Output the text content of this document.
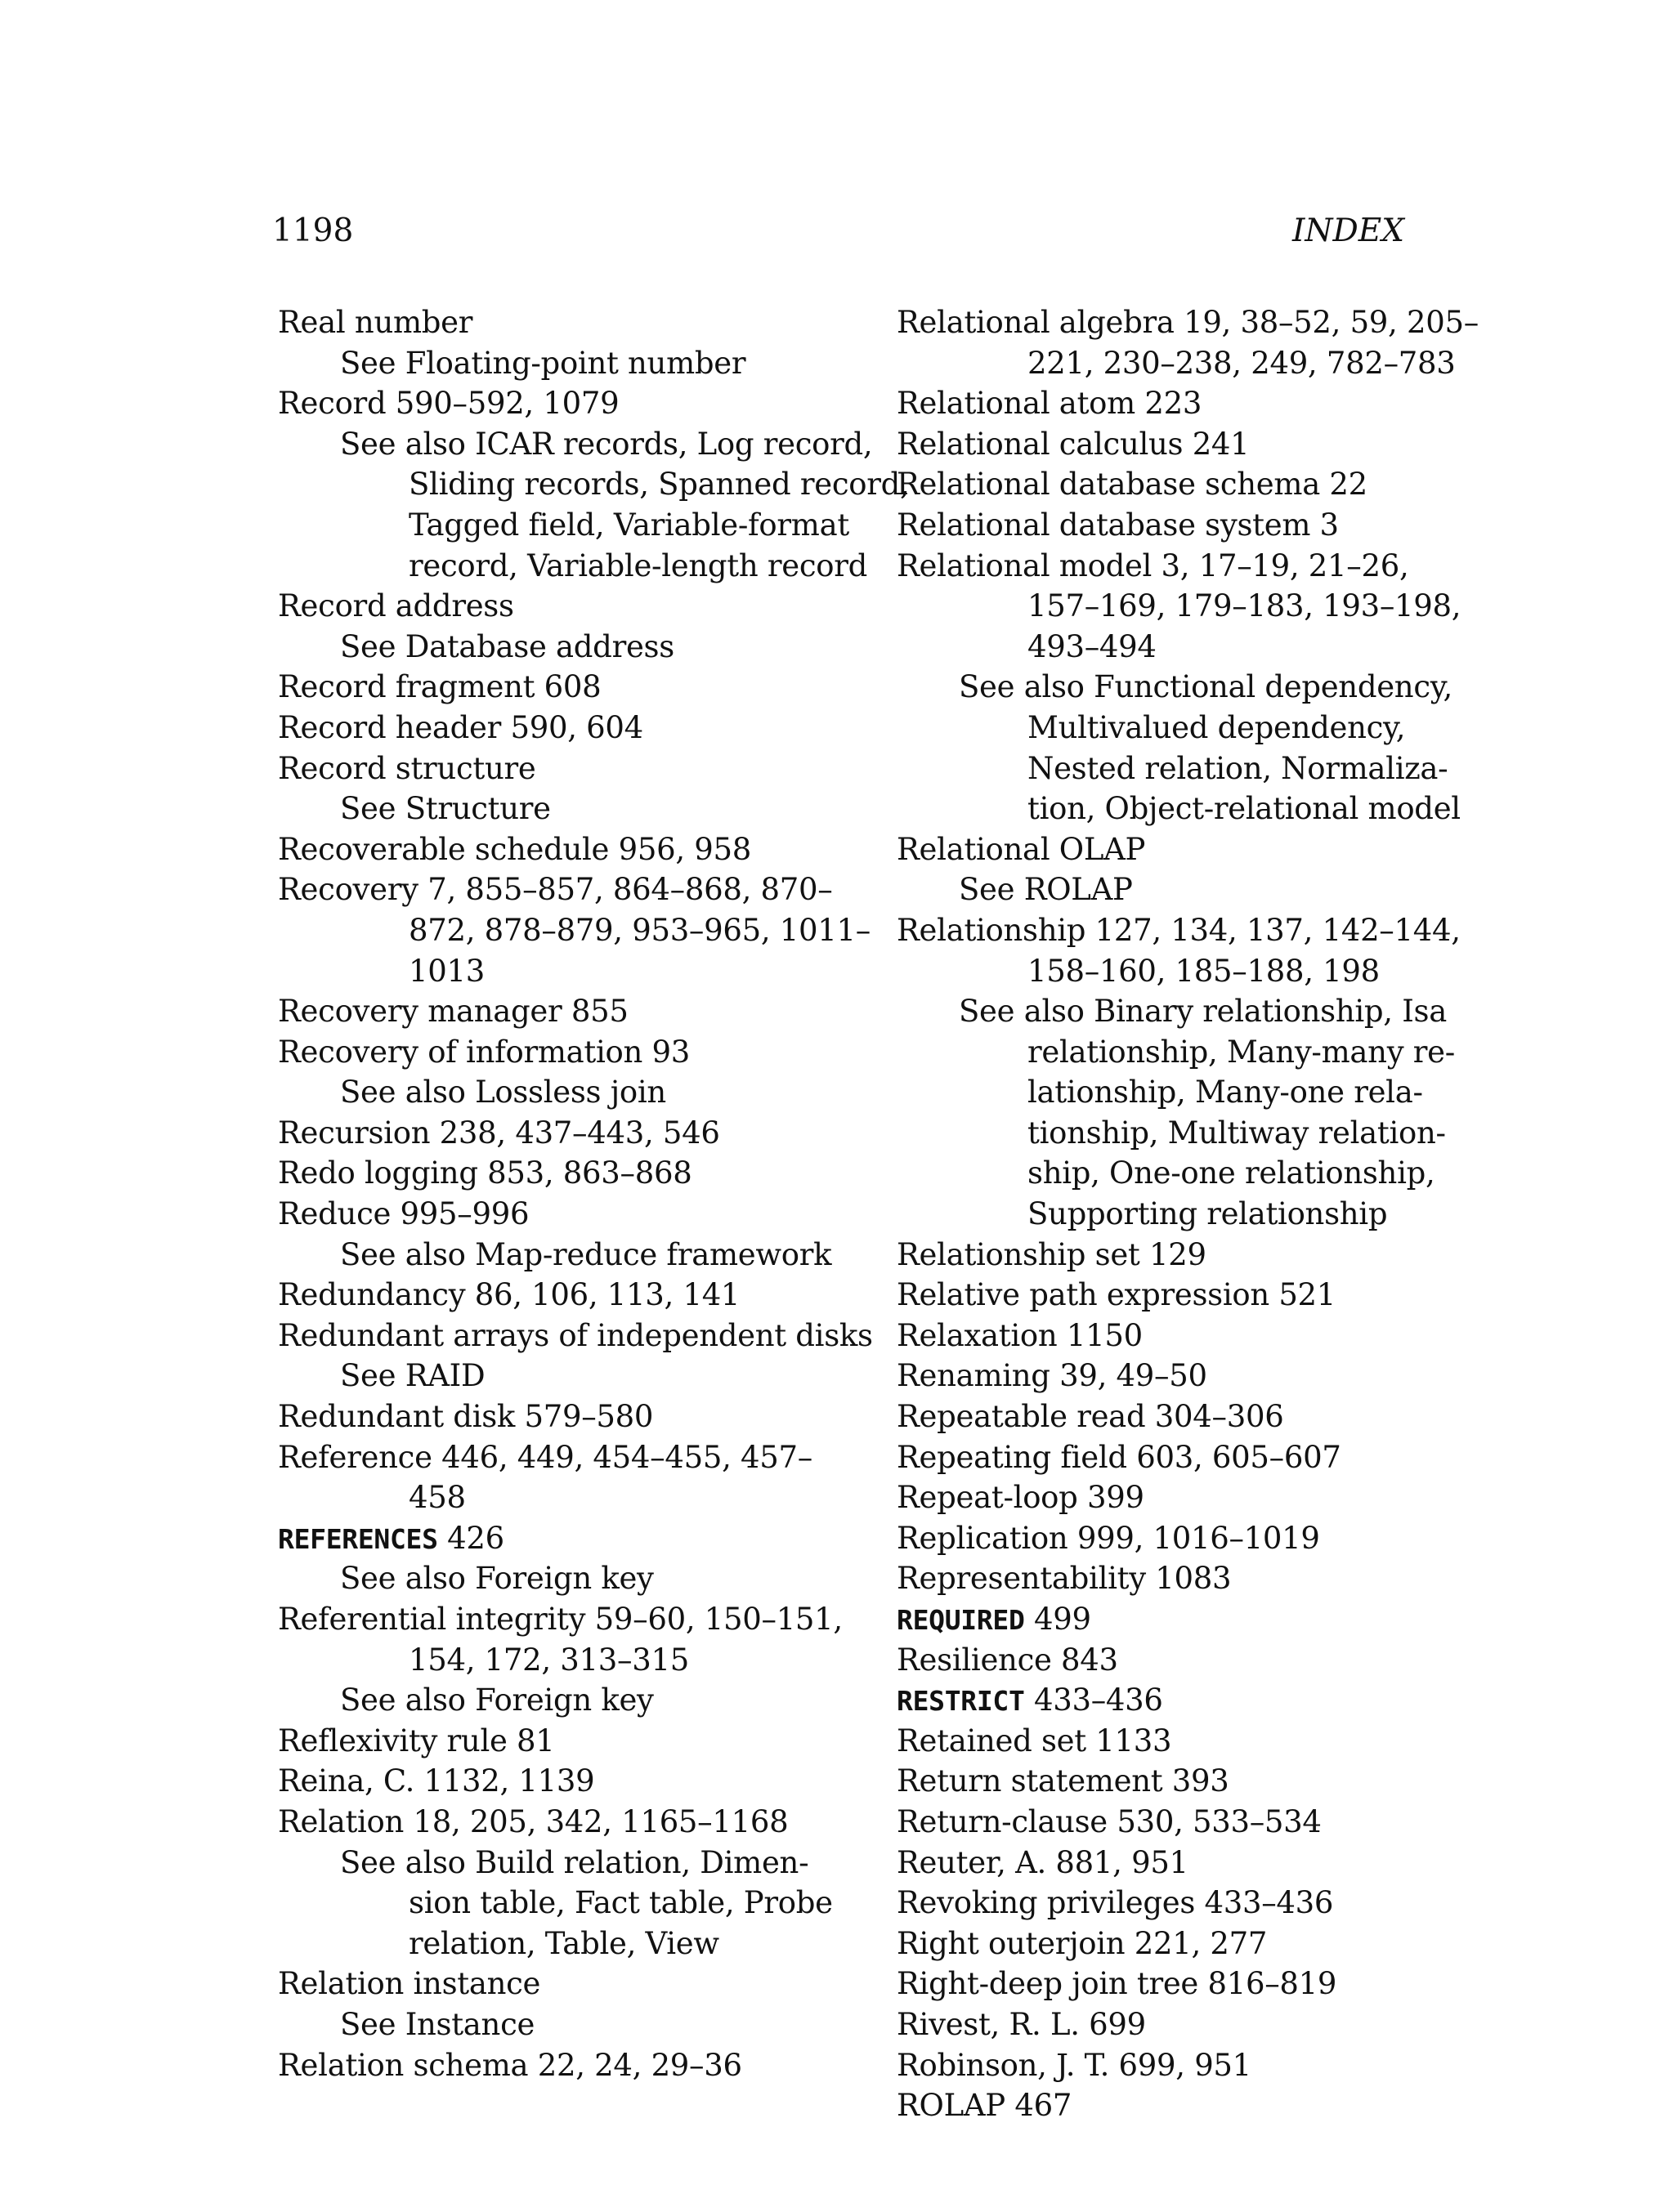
1198	INDEX
Real number
See Floating-point number
Record 590–592, 1079
See also ICAR records, Log record,
Sliding records, Spanned record,
Tagged field, Variable-format
record, Variable-length record
Record address
See Database address
Record fragment 608
Record header 590, 604
Record structure
See Structure
Recoverable schedule 956, 958
Recovery 7, 855–857, 864–868, 870–
872, 878–879, 953–965, 1011–
1013
Recovery manager 855
Recovery of information 93
See also Lossless join
Recursion 238, 437–443, 546
Redo logging 853, 863–868
Reduce 995–996
See also Map-reduce framework
Redundancy 86, 106, 113, 141
Redundant arrays of independent disks
See RAID
Redundant disk 579–580
Reference 446, 449, 454–455, 457–
458
REFERENCES 426
See also Foreign key
Referential integrity 59–60, 150–151,
154, 172, 313–315
See also Foreign key
Reflexivity rule 81
Reina, C. 1132, 1139
Relation 18, 205, 342, 1165–1168
See also Build relation, Dimen-
sion table, Fact table, Probe
relation, Table, View
Relation instance
See Instance
Relation schema 22, 24, 29–36
Relational algebra 19, 38–52, 59, 205–
221, 230–238, 249, 782–783
Relational atom 223
Relational calculus 241
Relational database schema 22
Relational database system 3
Relational model 3, 17–19, 21–26,
157–169, 179–183, 193–198,
493–494
See also Functional dependency,
Multivalued dependency,
Nested relation, Normaliza-
tion, Object-relational model
Relational OLAP
See ROLAP
Relationship 127, 134, 137, 142–144,
158–160, 185–188, 198
See also Binary relationship, Isa
relationship, Many-many re-
lationship, Many-one rela-
tionship, Multiway relation-
ship, One-one relationship,
Supporting relationship
Relationship set 129
Relative path expression 521
Relaxation 1150
Renaming 39, 49–50
Repeatable read 304–306
Repeating field 603, 605–607
Repeat-loop 399
Replication 999, 1016–1019
Representability 1083
REQUIRED 499
Resilience 843
RESTRICT 433–436
Retained set 1133
Return statement 393
Return-clause 530, 533–534
Reuter, A. 881, 951
Revoking privileges 433–436
Right outerjoin 221, 277
Right-deep join tree 816–819
Rivest, R. L. 699
Robinson, J. T. 699, 951
ROLAP 467
